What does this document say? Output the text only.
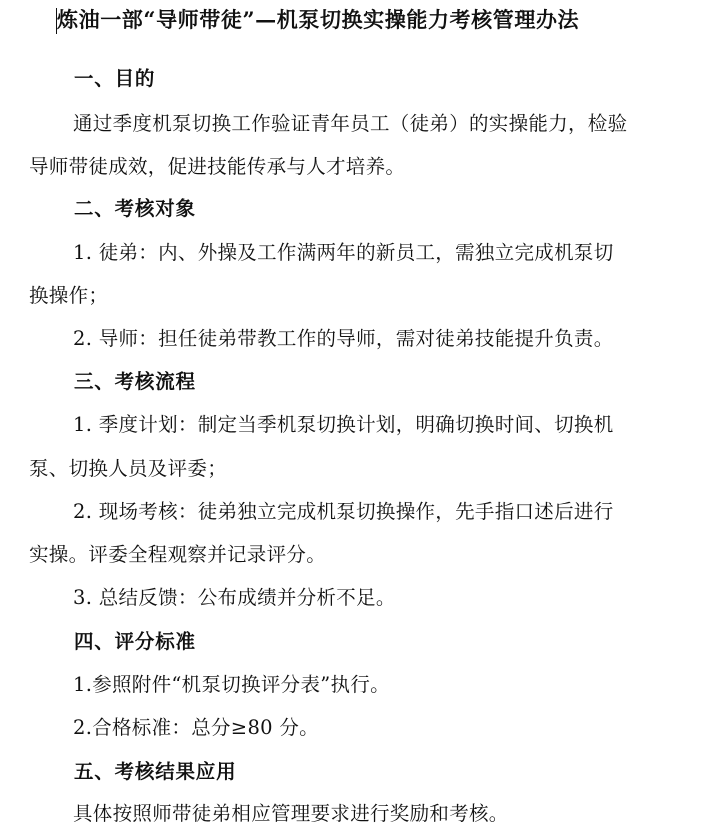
炼油一部“导师带徒”—机泵切换实操能力考核管理办法
一、目的
通过季度机泵切换工作验证青年员工（徒弟）的实操能力，检验
导师带徒成效，促进技能传承与人才培养。
二、考核对象
1. 徒弟：内、外操及工作满两年的新员工，需独立完成机泵切
换操作；
2. 导师：担任徒弟带教工作的导师，需对徒弟技能提升负责。
三、考核流程
1. 季度计划：制定当季机泵切换计划，明确切换时间、切换机
泵、切换人员及评委；
2. 现场考核：徒弟独立完成机泵切换操作，先手指口述后进行
实操。评委全程观察并记录评分。
3. 总结反馈：公布成绩并分析不足。
四、评分标准
1.参照附件“机泵切换评分表”执行。
2.合格标准：总分≥80 分。
五、考核结果应用
具体按照师带徒弟相应管理要求进行奖励和考核。
